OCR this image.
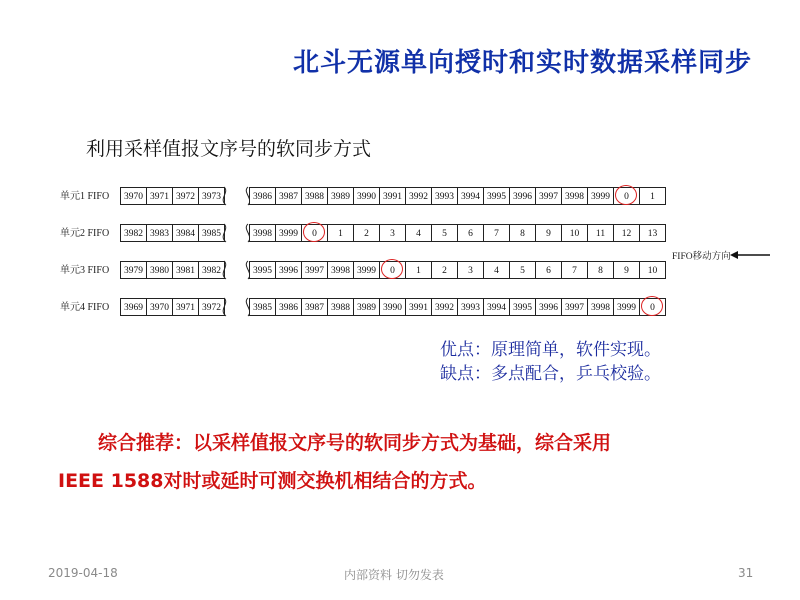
北斗无源单向授时和实时数据采样同步
利用采样值报文序号的软同步方式
单元1 FIFO	3970 3971 3972 3973	3986 3987 3988 3989 3990 3991 3992 3993 3994 3995 3996 3997 3998 3999	0	1
单元2 FIFO	3982 3983 3984 3985	3998 3999	0	1	2	3	4	5	6	7	8	9	10	11	12	13
单元3 FIFO	3979 3980 3981 3982	3995 3996 3997 3998 3999	0	1	2	3	4	5	6	7	8	9	10
单元4 FIFO	3969 3970 3971 3972	3985 3986 3987 3988 3989 3990 3991 3992 3993 3994 3995 3996 3997 3998 3999	0
FIFO移动方向
优点：原理简单，软件实现。
缺点：多点配合，乒乓校验。
综合推荐：以采样值报文序号的软同步方式为基础，综合采用
IEEE 1588对时或延时可测交换机相结合的方式。
2019-04-18	内部资料 切勿发表	31
